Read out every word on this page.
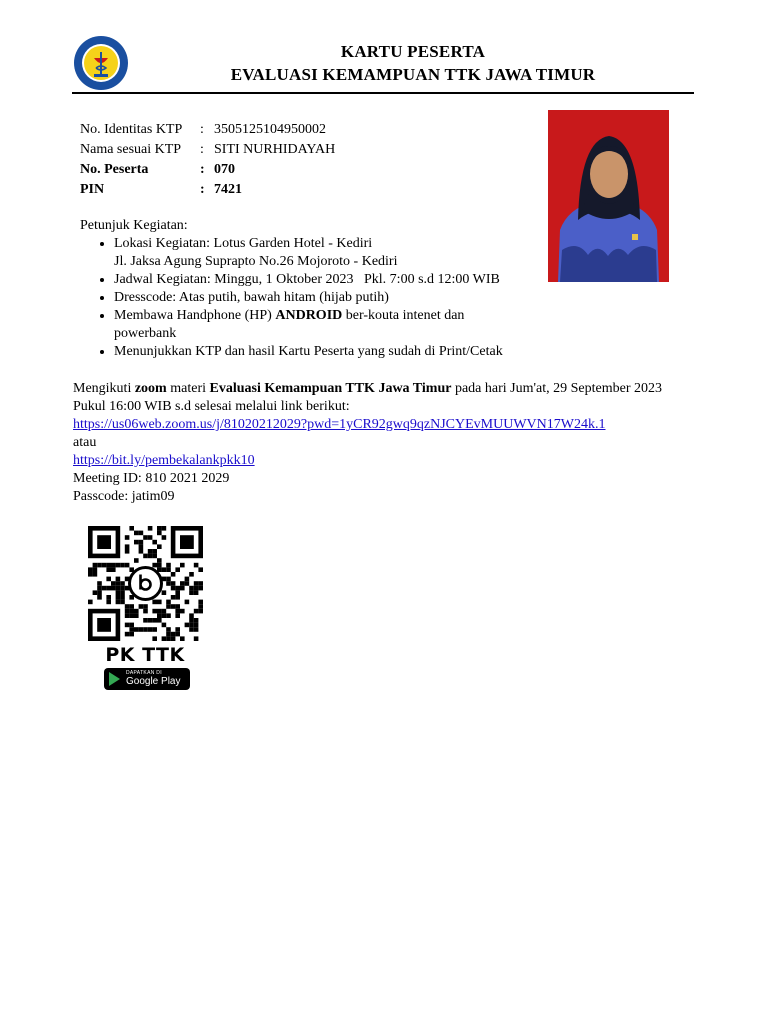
KARTU PESERTA
EVALUASI KEMAMPUAN TTK JAWA TIMUR
No. Identitas KTP	: 3505125104950002
Nama sesuai KTP	: SITI NURHIDAYAH
No. Peserta	: 070
PIN	: 7421
Petunjuk Kegiatan:
• Lokasi Kegiatan: Lotus Garden Hotel - Kediri
Jl. Jaksa Agung Suprapto No.26 Mojoroto - Kediri
• Jadwal Kegiatan: Minggu, 1 Oktober 2023   Pkl. 7:00 s.d 12:00 WIB
• Dresscode: Atas putih, bawah hitam (hijab putih)
• Membawa Handphone (HP) ANDROID ber-kouta intenet dan
powerbank
• Menunjukkan KTP dan hasil Kartu Peserta yang sudah di Print/Cetak
Mengikuti zoom materi Evaluasi Kemampuan TTK Jawa Timur pada hari Jum'at, 29 September 2023
Pukul 16:00 WIB s.d selesai melalui link berikut:
https://us06web.zoom.us/j/81020212029?pwd=1yCR92gwq9qzNJCYEvMUUWVN17W24k.1
atau
https://bit.ly/pembekalankpkk10
Meeting ID: 810 2021 2029
Passcode: jatim09
PK TTK
DAPATKAN DI
Google Play
